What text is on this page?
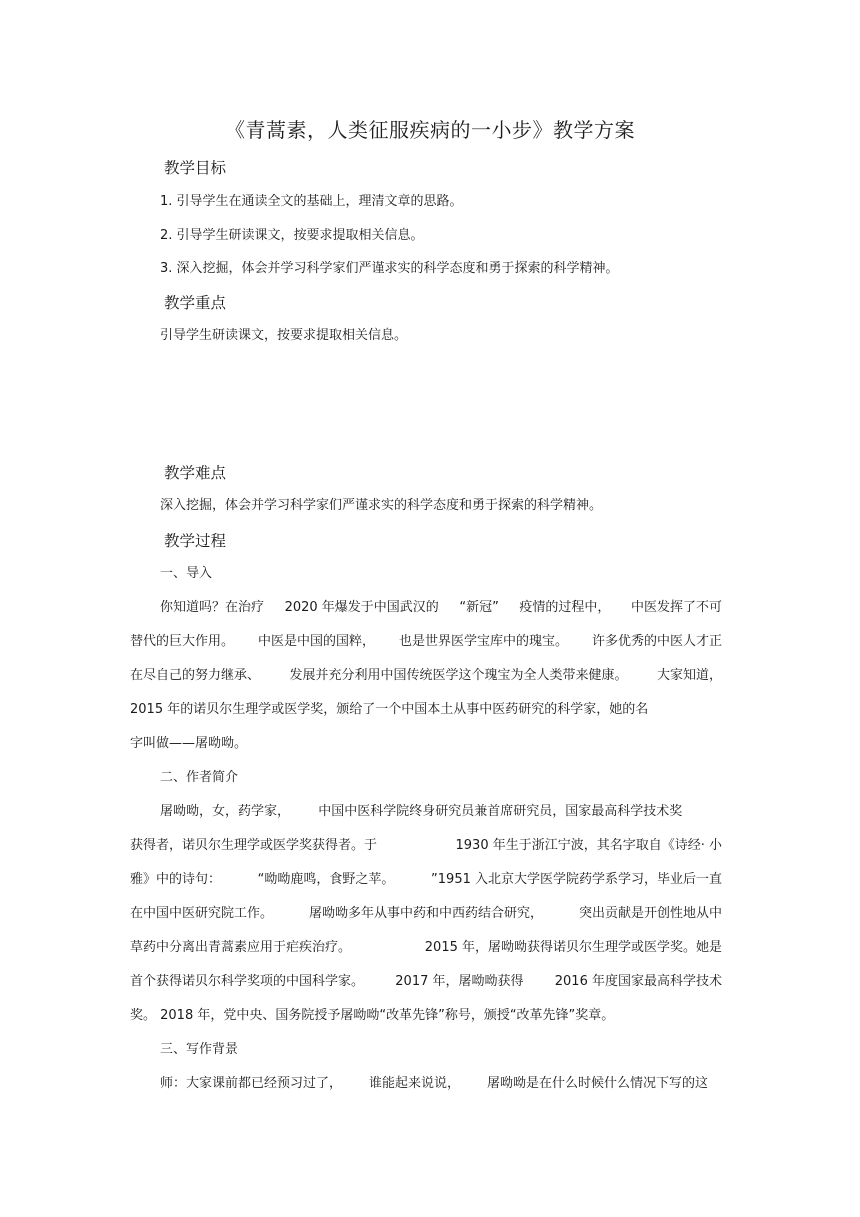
《青蒿素，人类征服疾病的一小步》教学方案
教学目标
1. 引导学生在通读全文的基础上，理清文章的思路。
2. 引导学生研读课文，按要求提取相关信息。
3. 深入挖掘，体会并学习科学家们严谨求实的科学态度和勇于探索的科学精神。
教学重点
引导学生研读课文，按要求提取相关信息。
教学难点
深入挖掘，体会并学习科学家们严谨求实的科学态度和勇于探索的科学精神。
教学过程
一、导入
你知道吗？在治疗 2020 年爆发于中国武汉的 “新冠” 疫情的过程中， 中医发挥了不可
替代的巨大作用。 中医是中国的国粹， 也是世界医学宝库中的瑰宝。 许多优秀的中医人才正
在尽自己的努力继承、 发展并充分利用中国传统医学这个瑰宝为全人类带来健康。 大家知道，
2015 年的诺贝尔生理学或医学奖，颁给了一个中国本土从事中医药研究的科学家，她的名
字叫做——屠呦呦。
二、作者简介
屠呦呦，女，药学家， 中国中医科学院终身研究员兼首席研究员，国家最高科学技术奖
获得者，诺贝尔生理学或医学奖获得者。于	1930 年生于浙江宁波，其名字取自《诗经· 小
雅》中的诗句：	“呦呦鹿鸣，食野之苹。	”1951 入北京大学医学院药学系学习，毕业后一直
在中国中医研究院工作。	屠呦呦多年从事中药和中西药结合研究，	突出贡献是开创性地从中
草药中分离出青蒿素应用于疟疾治疗。	2015 年，屠呦呦获得诺贝尔生理学或医学奖。她是
首个获得诺贝尔科学奖项的中国科学家。 2017 年，屠呦呦获得 2016 年度国家最高科学技术
奖。 2018 年，党中央、国务院授予屠呦呦“改革先锋”称号，颁授“改革先锋”奖章。
三、写作背景
师：大家课前都已经预习过了， 谁能起来说说， 屠呦呦是在什么时候什么情况下写的这
